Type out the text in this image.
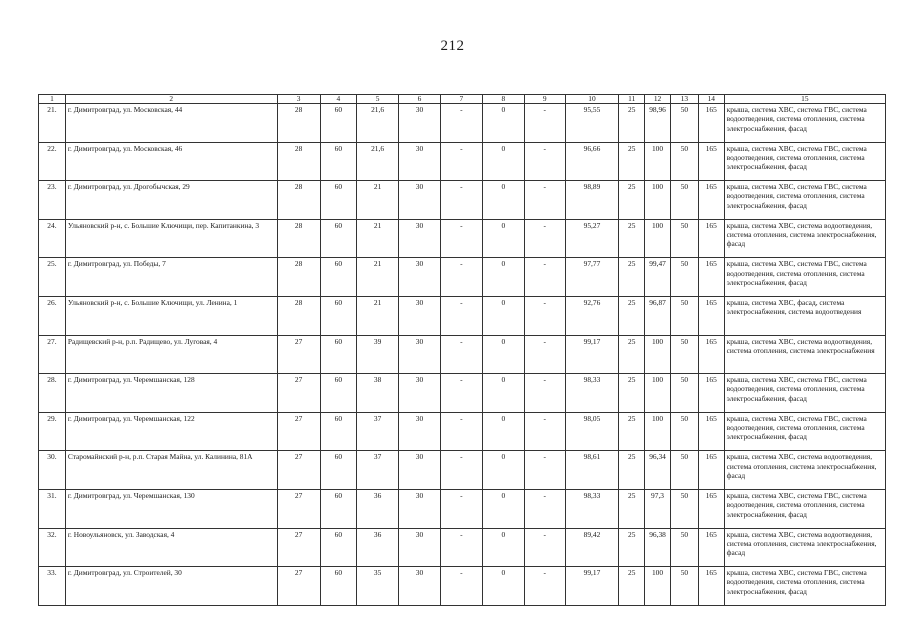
212
1	2	3	4	5	6	7	8	9	10	11	12	13	14	15
21.	г. Димитровград, ул. Московская, 44	28	60	21,6	30	-	0	-	95,55	25	98,96	50	165	крыша, система ХВС, система ГВС, система водоотведения, система отопления, система электроснабжения, фасад
22.	г. Димитровград, ул. Московская, 46	28	60	21,6	30	-	0	-	96,66	25	100	50	165	крыша, система ХВС, система ГВС, система водоотведения, система отопления, система электроснабжения, фасад
23.	г. Димитровград, ул. Дрогобычская, 29	28	60	21	30	-	0	-	98,89	25	100	50	165	крыша, система ХВС, система ГВС, система водоотведения, система отопления, система электроснабжения, фасад
24.	Ульяновский р-н, с. Большие Ключищи, пер. Капитанкина, 3	28	60	21	30	-	0	-	95,27	25	100	50	165	крыша, система ХВС, система водоотведения, система отопления, система электроснабжения, фасад
25.	г. Димитровград, ул. Победы, 7	28	60	21	30	-	0	-	97,77	25	99,47	50	165	крыша, система ХВС, система ГВС, система водоотведения, система отопления, система электроснабжения, фасад
26.	Ульяновский р-н, с. Большие Ключищи, ул. Ленина, 1	28	60	21	30	-	0	-	92,76	25	96,87	50	165	крыша, система ХВС, фасад, система электроснабжения, система водоотведения
27.	Радищевский р-н, р.п. Радищево, ул. Луговая, 4	27	60	39	30	-	0	-	99,17	25	100	50	165	крыша, система ХВС, система водоотведения, система отопления, система электроснабжения
28.	г. Димитровград, ул. Черемшанская, 128	27	60	38	30	-	0	-	98,33	25	100	50	165	крыша, система ХВС, система ГВС, система водоотведения, система отопления, система электроснабжения, фасад
29.	г. Димитровград, ул. Черемшанская, 122	27	60	37	30	-	0	-	98,05	25	100	50	165	крыша, система ХВС, система ГВС, система водоотведения, система отопления, система электроснабжения, фасад
30.	Старомайнский р-н, р.п. Старая Майна, ул. Калинина, 81А	27	60	37	30	-	0	-	98,61	25	96,34	50	165	крыша, система ХВС, система водоотведения, система отопления, система электроснабжения, фасад
31.	г. Димитровград, ул. Черемшанская, 130	27	60	36	30	-	0	-	98,33	25	97,3	50	165	крыша, система ХВС, система ГВС, система водоотведения, система отопления, система электроснабжения, фасад
32.	г. Новоульяновск, ул. Заводская, 4	27	60	36	30	-	0	-	89,42	25	96,38	50	165	крыша, система ХВС, система водоотведения, система отопления, система электроснабжения, фасад
33.	г. Димитровград, ул. Строителей, 30	27	60	35	30	-	0	-	99,17	25	100	50	165	крыша, система ХВС, система ГВС, система водоотведения, система отопления, система электроснабжения, фасад
